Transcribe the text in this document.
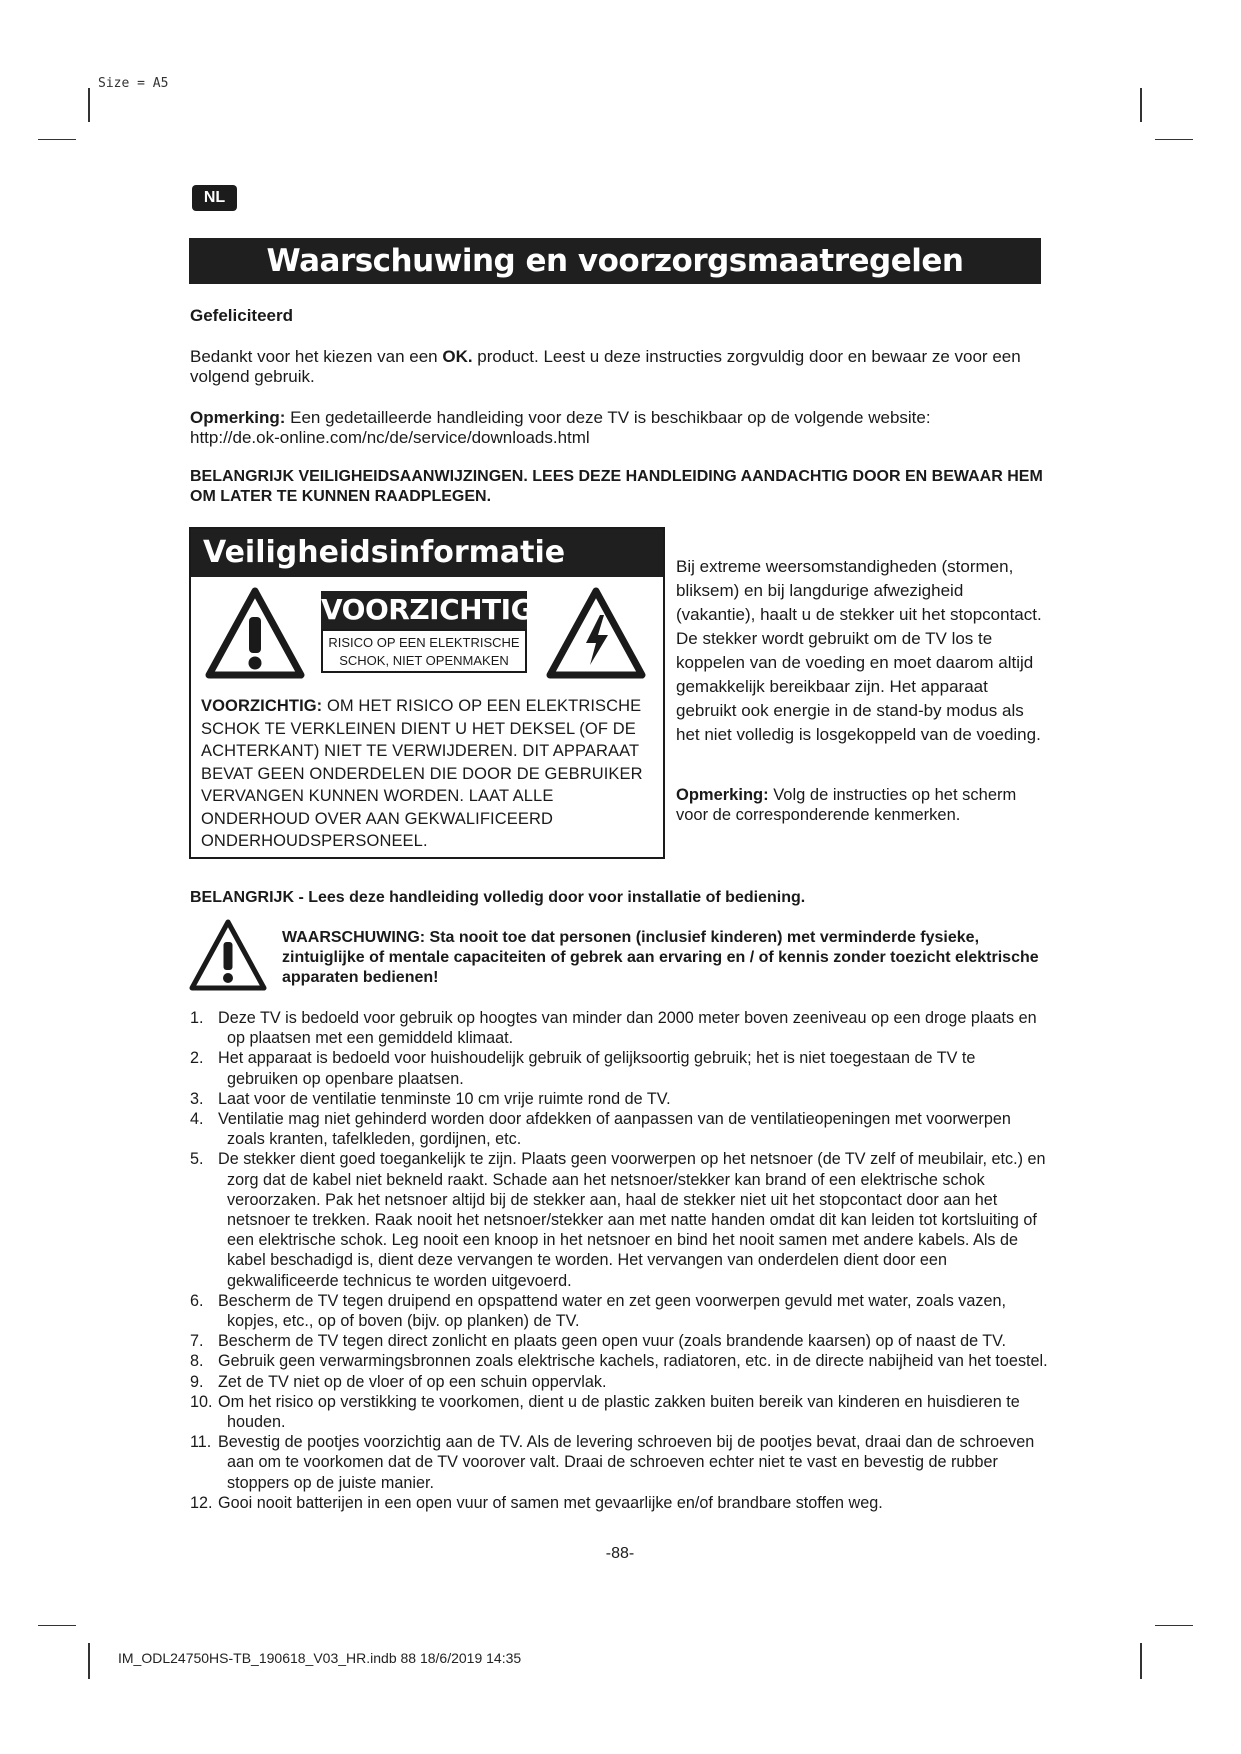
Size = A5
NL
Waarschuwing en voorzorgsmaatregelen
Gefeliciteerd
Bedankt voor het kiezen van een OK. product. Leest u deze instructies zorgvuldig door en bewaar ze voor een volgend gebruik.
Opmerking: Een gedetailleerde handleiding voor deze TV is beschikbaar op de volgende website:
http://de.ok-online.com/nc/de/service/downloads.html
BELANGRIJK VEILIGHEIDSAANWIJZINGEN. LEES DEZE HANDLEIDING AANDACHTIG DOOR EN BEWAAR HEM OM LATER TE KUNNEN RAADPLEGEN.
Veiligheidsinformatie
VOORZICHTIG
RISICO OP EEN ELEKTRISCHE SCHOK, NIET OPENMAKEN
VOORZICHTIG: OM HET RISICO OP EEN ELEKTRISCHE SCHOK TE VERKLEINEN DIENT U HET DEKSEL (OF DE ACHTERKANT) NIET TE VERWIJDEREN. DIT APPARAAT BEVAT GEEN ONDERDELEN DIE DOOR DE GEBRUIKER VERVANGEN KUNNEN WORDEN. LAAT ALLE ONDERHOUD OVER AAN GEKWALIFICEERD ONDERHOUDSPERSONEEL.
Bij extreme weersomstandigheden (stormen, bliksem) en bij langdurige afwezigheid (vakantie), haalt u de stekker uit het stopcontact. De stekker wordt gebruikt om de TV los te koppelen van de voeding en moet daarom altijd gemakkelijk bereikbaar zijn. Het apparaat gebruikt ook energie in de stand-by modus als het niet volledig is losgekoppeld van de voeding.
Opmerking: Volg de instructies op het scherm voor de corresponderende kenmerken.
BELANGRIJK - Lees deze handleiding volledig door voor installatie of bediening.
WAARSCHUWING: Sta nooit toe dat personen (inclusief kinderen) met verminderde fysieke, zintuiglijke of mentale capaciteiten of gebrek aan ervaring en / of kennis zonder toezicht elektrische apparaten bedienen!
1. Deze TV is bedoeld voor gebruik op hoogtes van minder dan 2000 meter boven zeeniveau op een droge plaats en op plaatsen met een gemiddeld klimaat.
2. Het apparaat is bedoeld voor huishoudelijk gebruik of gelijksoortig gebruik; het is niet toegestaan de TV te gebruiken op openbare plaatsen.
3. Laat voor de ventilatie tenminste 10 cm vrije ruimte rond de TV.
4. Ventilatie mag niet gehinderd worden door afdekken of aanpassen van de ventilatieopeningen met voorwerpen zoals kranten, tafelkleden, gordijnen, etc.
5. De stekker dient goed toegankelijk te zijn. Plaats geen voorwerpen op het netsnoer (de TV zelf of meubilair, etc.) en zorg dat de kabel niet bekneld raakt. Schade aan het netsnoer/stekker kan brand of een elektrische schok veroorzaken. Pak het netsnoer altijd bij de stekker aan, haal de stekker niet uit het stopcontact door aan het netsnoer te trekken. Raak nooit het netsnoer/stekker aan met natte handen omdat dit kan leiden tot kortsluiting of een elektrische schok. Leg nooit een knoop in het netsnoer en bind het nooit samen met andere kabels. Als de kabel beschadigd is, dient deze vervangen te worden. Het vervangen van onderdelen dient door een gekwalificeerde technicus te worden uitgevoerd.
6. Bescherm de TV tegen druipend en opspattend water en zet geen voorwerpen gevuld met water, zoals vazen, kopjes, etc., op of boven (bijv. op planken) de TV.
7. Bescherm de TV tegen direct zonlicht en plaats geen open vuur (zoals brandende kaarsen) op of naast de TV.
8. Gebruik geen verwarmingsbronnen zoals elektrische kachels, radiatoren, etc. in de directe nabijheid van het toestel.
9. Zet de TV niet op de vloer of op een schuin oppervlak.
10. Om het risico op verstikking te voorkomen, dient u de plastic zakken buiten bereik van kinderen en huisdieren te houden.
11. Bevestig de pootjes voorzichtig aan de TV. Als de levering schroeven bij de pootjes bevat, draai dan de schroeven aan om te voorkomen dat de TV voorover valt. Draai de schroeven echter niet te vast en bevestig de rubber stoppers op de juiste manier.
12. Gooi nooit batterijen in een open vuur of samen met gevaarlijke en/of brandbare stoffen weg.
-88-
IM_ODL24750HS-TB_190618_V03_HR.indb 88 18/6/2019 14:35
